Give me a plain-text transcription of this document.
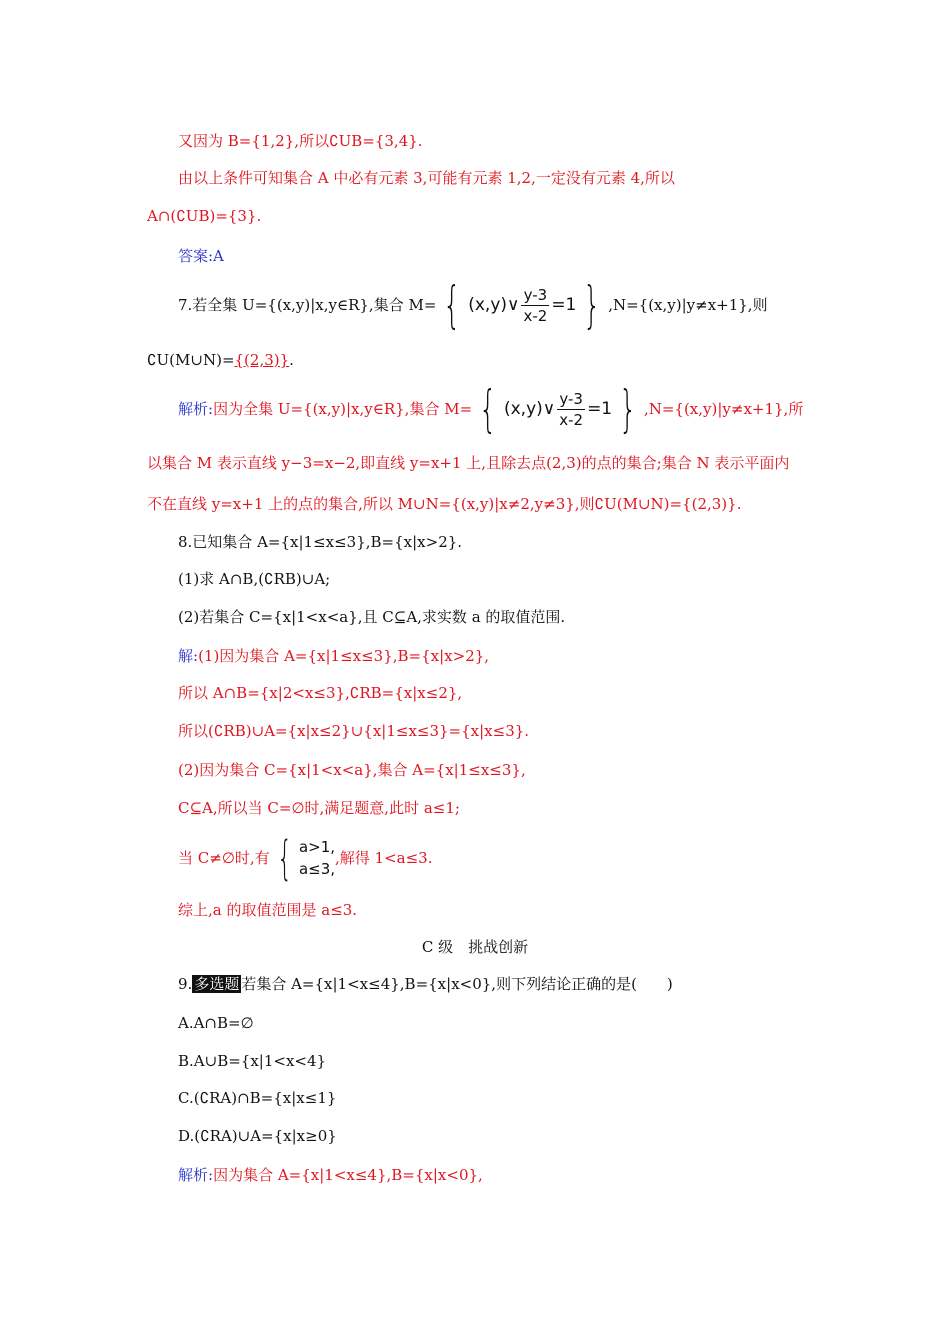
又因为 B={1,2},所以∁UB={3,4}.
由以上条件可知集合 A 中必有元素 3,可能有元素 1,2,一定没有元素 4,所以
A∩(∁UB)={3}.
答案:A
7.若全集 U={(x,y)|x,y∈R},集合 M= { (x,y) ∨ $\frac{y-3}{x-2} =1$ } ,N={(x,y)|y≠x+1},则
∁U(M∪N)={(2,3)}.
解析: 因为全集 U={(x,y)|x,y∈R},集合 M= { (x,y) ∨ $\frac{y-3}{x-2} =1$ } ,N={(x,y)|y≠x+1},所
以集合 M 表示直线 y−3=x−2,即直线 y=x+1 上,且除去点(2,3)的点的集合;集合 N 表示平面内
不在直线 y=x+1 上的点的集合,所以 M∪N={(x,y)|x≠2,y≠3},则∁U(M∪N)={(2,3)}.
8.已知集合 A={x|1≤x≤3},B={x|x>2}.
(1)求 A∩B,(∁RB)∪A;
(2)若集合 C={x|1<x<a},且 C⊆A,求实数 a 的取值范围.
解:(1)因为集合 A={x|1≤x≤3},B={x|x>2},
所以 A∩B={x|2<x≤3},∁RB={x|x≤2},
所以(∁RB)∪A={x|x≤2}∪{x|1≤x≤3}={x|x≤3}.
(2)因为集合 C={x|1<x<a},集合 A={x|1≤x≤3},
C⊆A,所以当 C=∅时,满足题意,此时 a≤1;
当 C≠∅时,有 { a>1,
a≤3,
,解得 1<a≤3.
综上,a 的取值范围是 a≤3.
C 级　挑战创新
9. 多选题 若集合 A={x|1<x≤4},B={x|x<0},则下列结论正确的是(　　)
A.A∩B=∅
B.A∪B={x|1<x<4}
C.(∁RA)∩B={x|x≤1}
D.(∁RA)∪A={x|x≥0}
解析:因为集合 A={x|1<x≤4},B={x|x<0},
